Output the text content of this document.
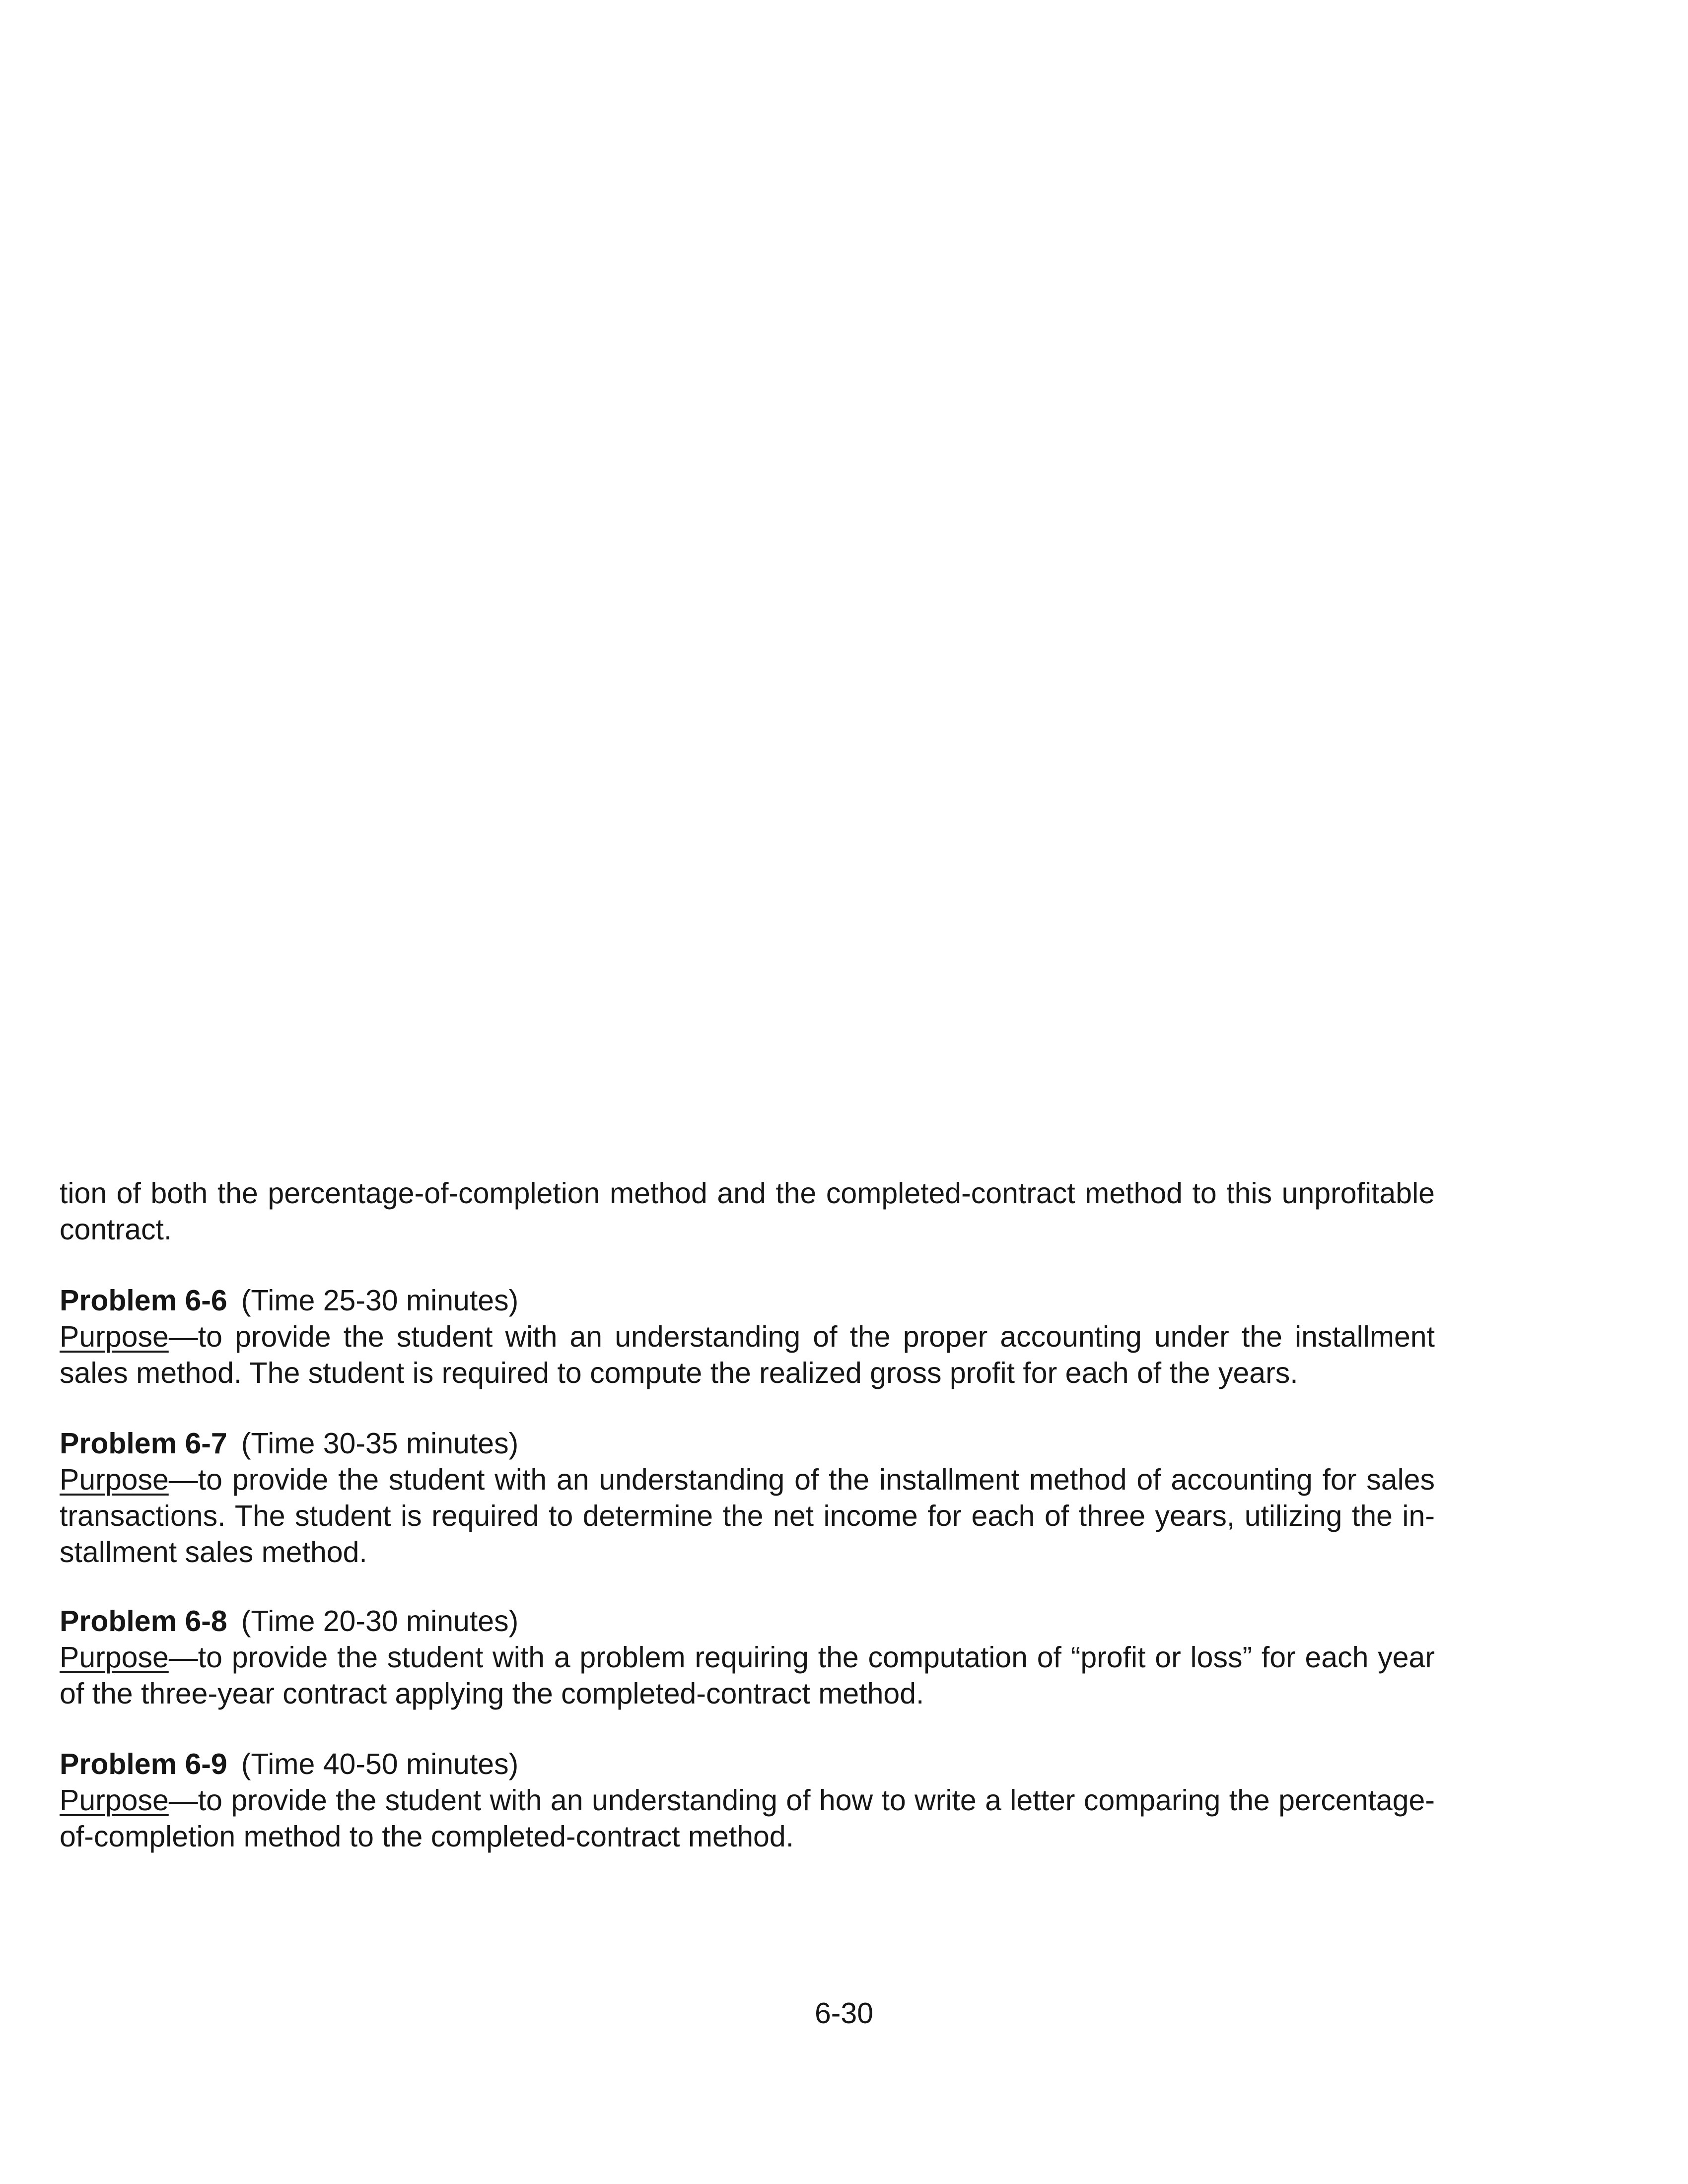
tion of both the percentage-of-completion method and the completed-contract method to this unprofitable
contract.
Problem 6-6 (Time 25-30 minutes)
Purpose—to provide the student with an understanding of the proper accounting under the installment
sales method. The student is required to compute the realized gross profit for each of the years.
Problem 6-7 (Time 30-35 minutes)
Purpose—to provide the student with an understanding of the installment method of accounting for sales
transactions. The student is required to determine the net income for each of three years, utilizing the in-
stallment sales method.
Problem 6-8 (Time 20-30 minutes)
Purpose—to provide the student with a problem requiring the computation of “profit or loss” for each year
of the three-year contract applying the completed-contract method.
Problem 6-9 (Time 40-50 minutes)
Purpose—to provide the student with an understanding of how to write a letter comparing the percentage-
of-completion method to the completed-contract method.
6-30
